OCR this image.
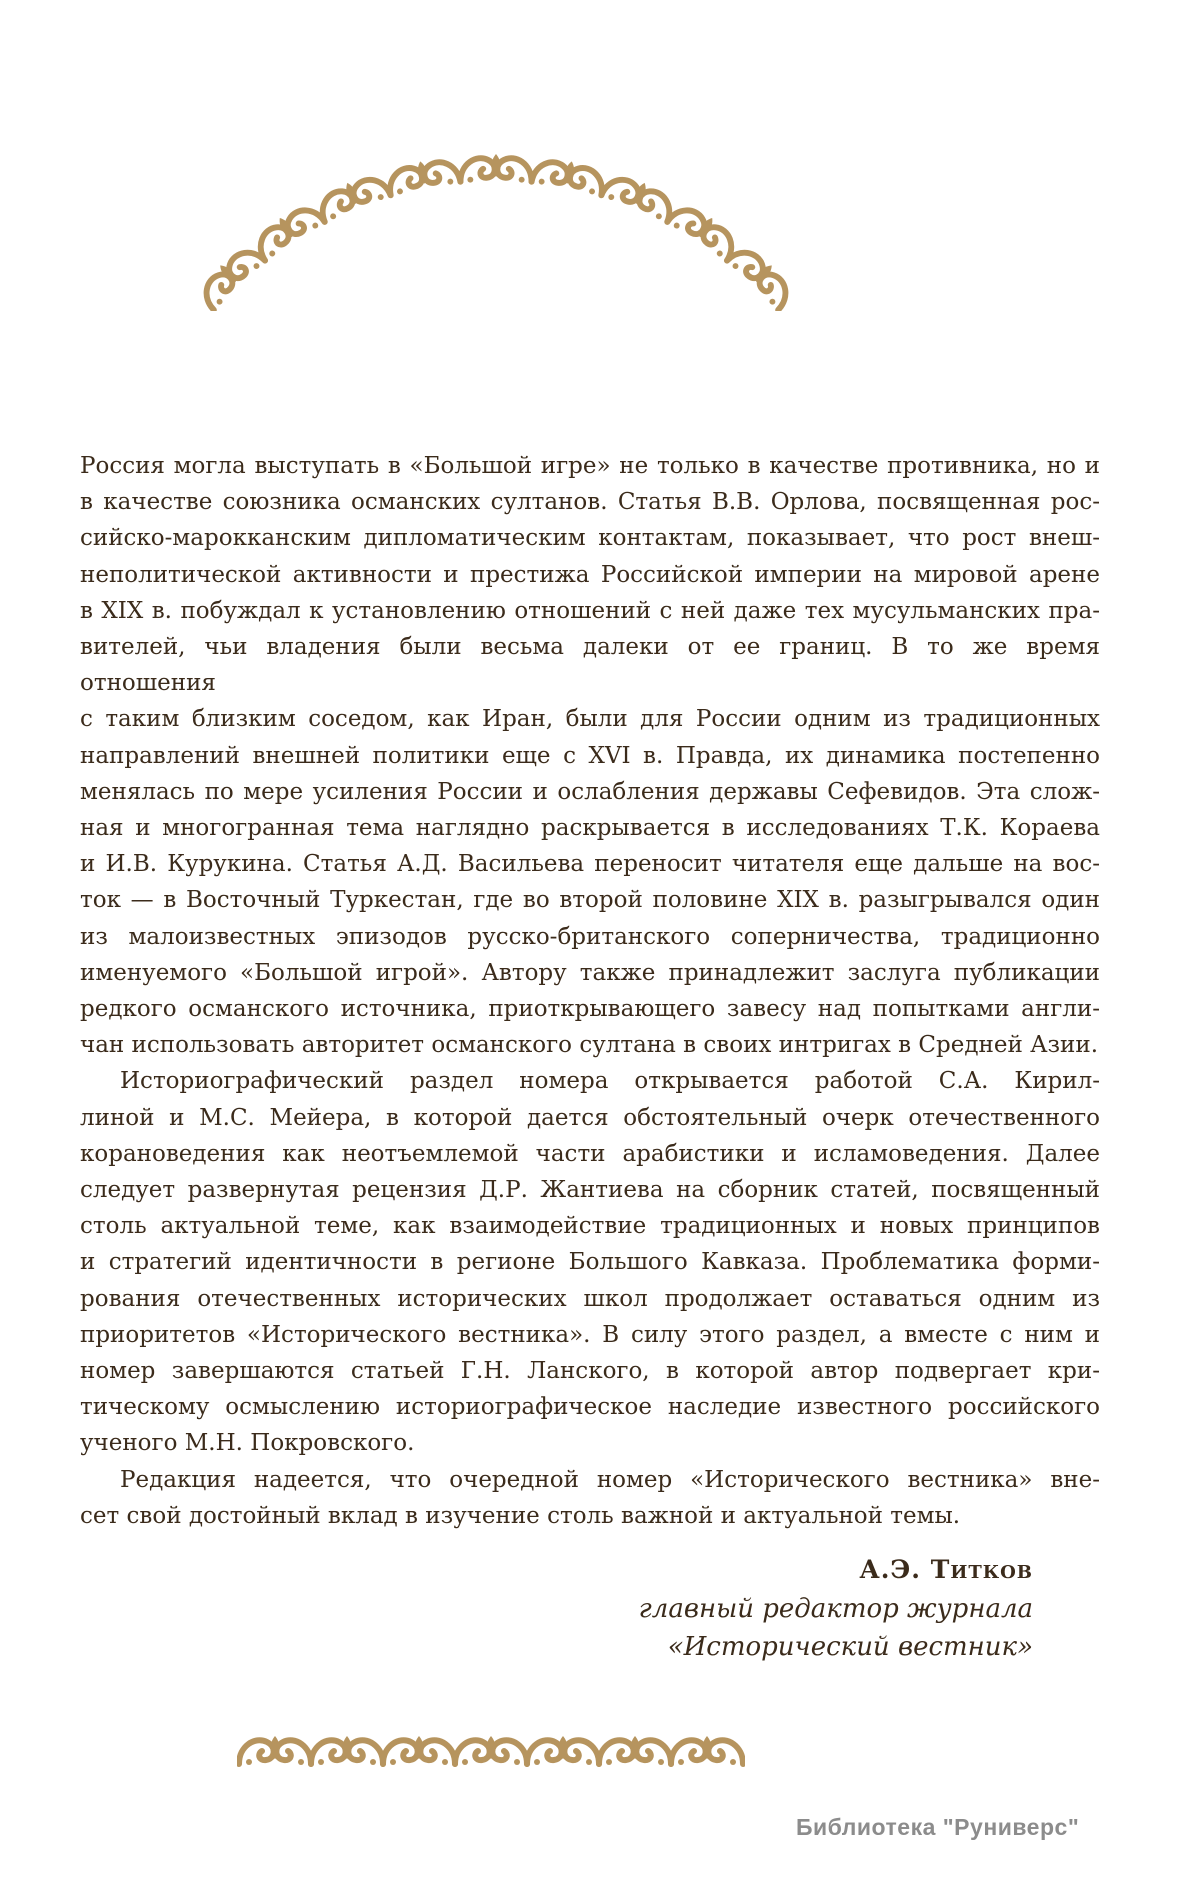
Россия могла выступать в «Большой игре» не только в качестве противника, но и
в качестве союзника османских султанов. Статья В.В. Орлова, посвященная рос-
сийско-марокканским дипломатическим контактам, показывает, что рост внеш-
неполитической активности и престижа Российской империи на мировой арене
в XIX в. побуждал к установлению отношений с ней даже тех мусульманских пра-
вителей, чьи владения были весьма далеки от ее границ. В то же время отношения
с таким близким соседом, как Иран, были для России одним из традиционных
направлений внешней политики еще с XVI в. Правда, их динамика постепенно
менялась по мере усиления России и ослабления державы Сефевидов. Эта слож-
ная и многогранная тема наглядно раскрывается в исследованиях Т.К. Кораева
и И.В. Курукина. Статья А.Д. Васильева переносит читателя еще дальше на вос-
ток — в Восточный Туркестан, где во второй половине XIX в. разыгрывался один
из малоизвестных эпизодов русско-британского соперничества, традиционно
именуемого «Большой игрой». Автору также принадлежит заслуга публикации
редкого османского источника, приоткрывающего завесу над попытками англи-
чан использовать авторитет османского султана в своих интригах в Средней Азии.
Историографический раздел номера открывается работой С.А. Кирил-
линой и М.С. Мейера, в которой дается обстоятельный очерк отечественного
корановедения как неотъемлемой части арабистики и исламоведения. Далее
следует развернутая рецензия Д.Р. Жантиева на сборник статей, посвященный
столь актуальной теме, как взаимодействие традиционных и новых принципов
и стратегий идентичности в регионе Большого Кавказа. Проблематика форми-
рования отечественных исторических школ продолжает оставаться одним из
приоритетов «Исторического вестника». В силу этого раздел, а вместе с ним и
номер завершаются статьей Г.Н. Ланского, в которой автор подвергает кри-
тическому осмыслению историографическое наследие известного российского
ученого М.Н. Покровского.
Редакция надеется, что очередной номер «Исторического вестника» вне-
сет свой достойный вклад в изучение столь важной и актуальной темы.
А.Э. Титков
главный редактор журнала
«Исторический вестник»
Библиотека "Руниверс"
